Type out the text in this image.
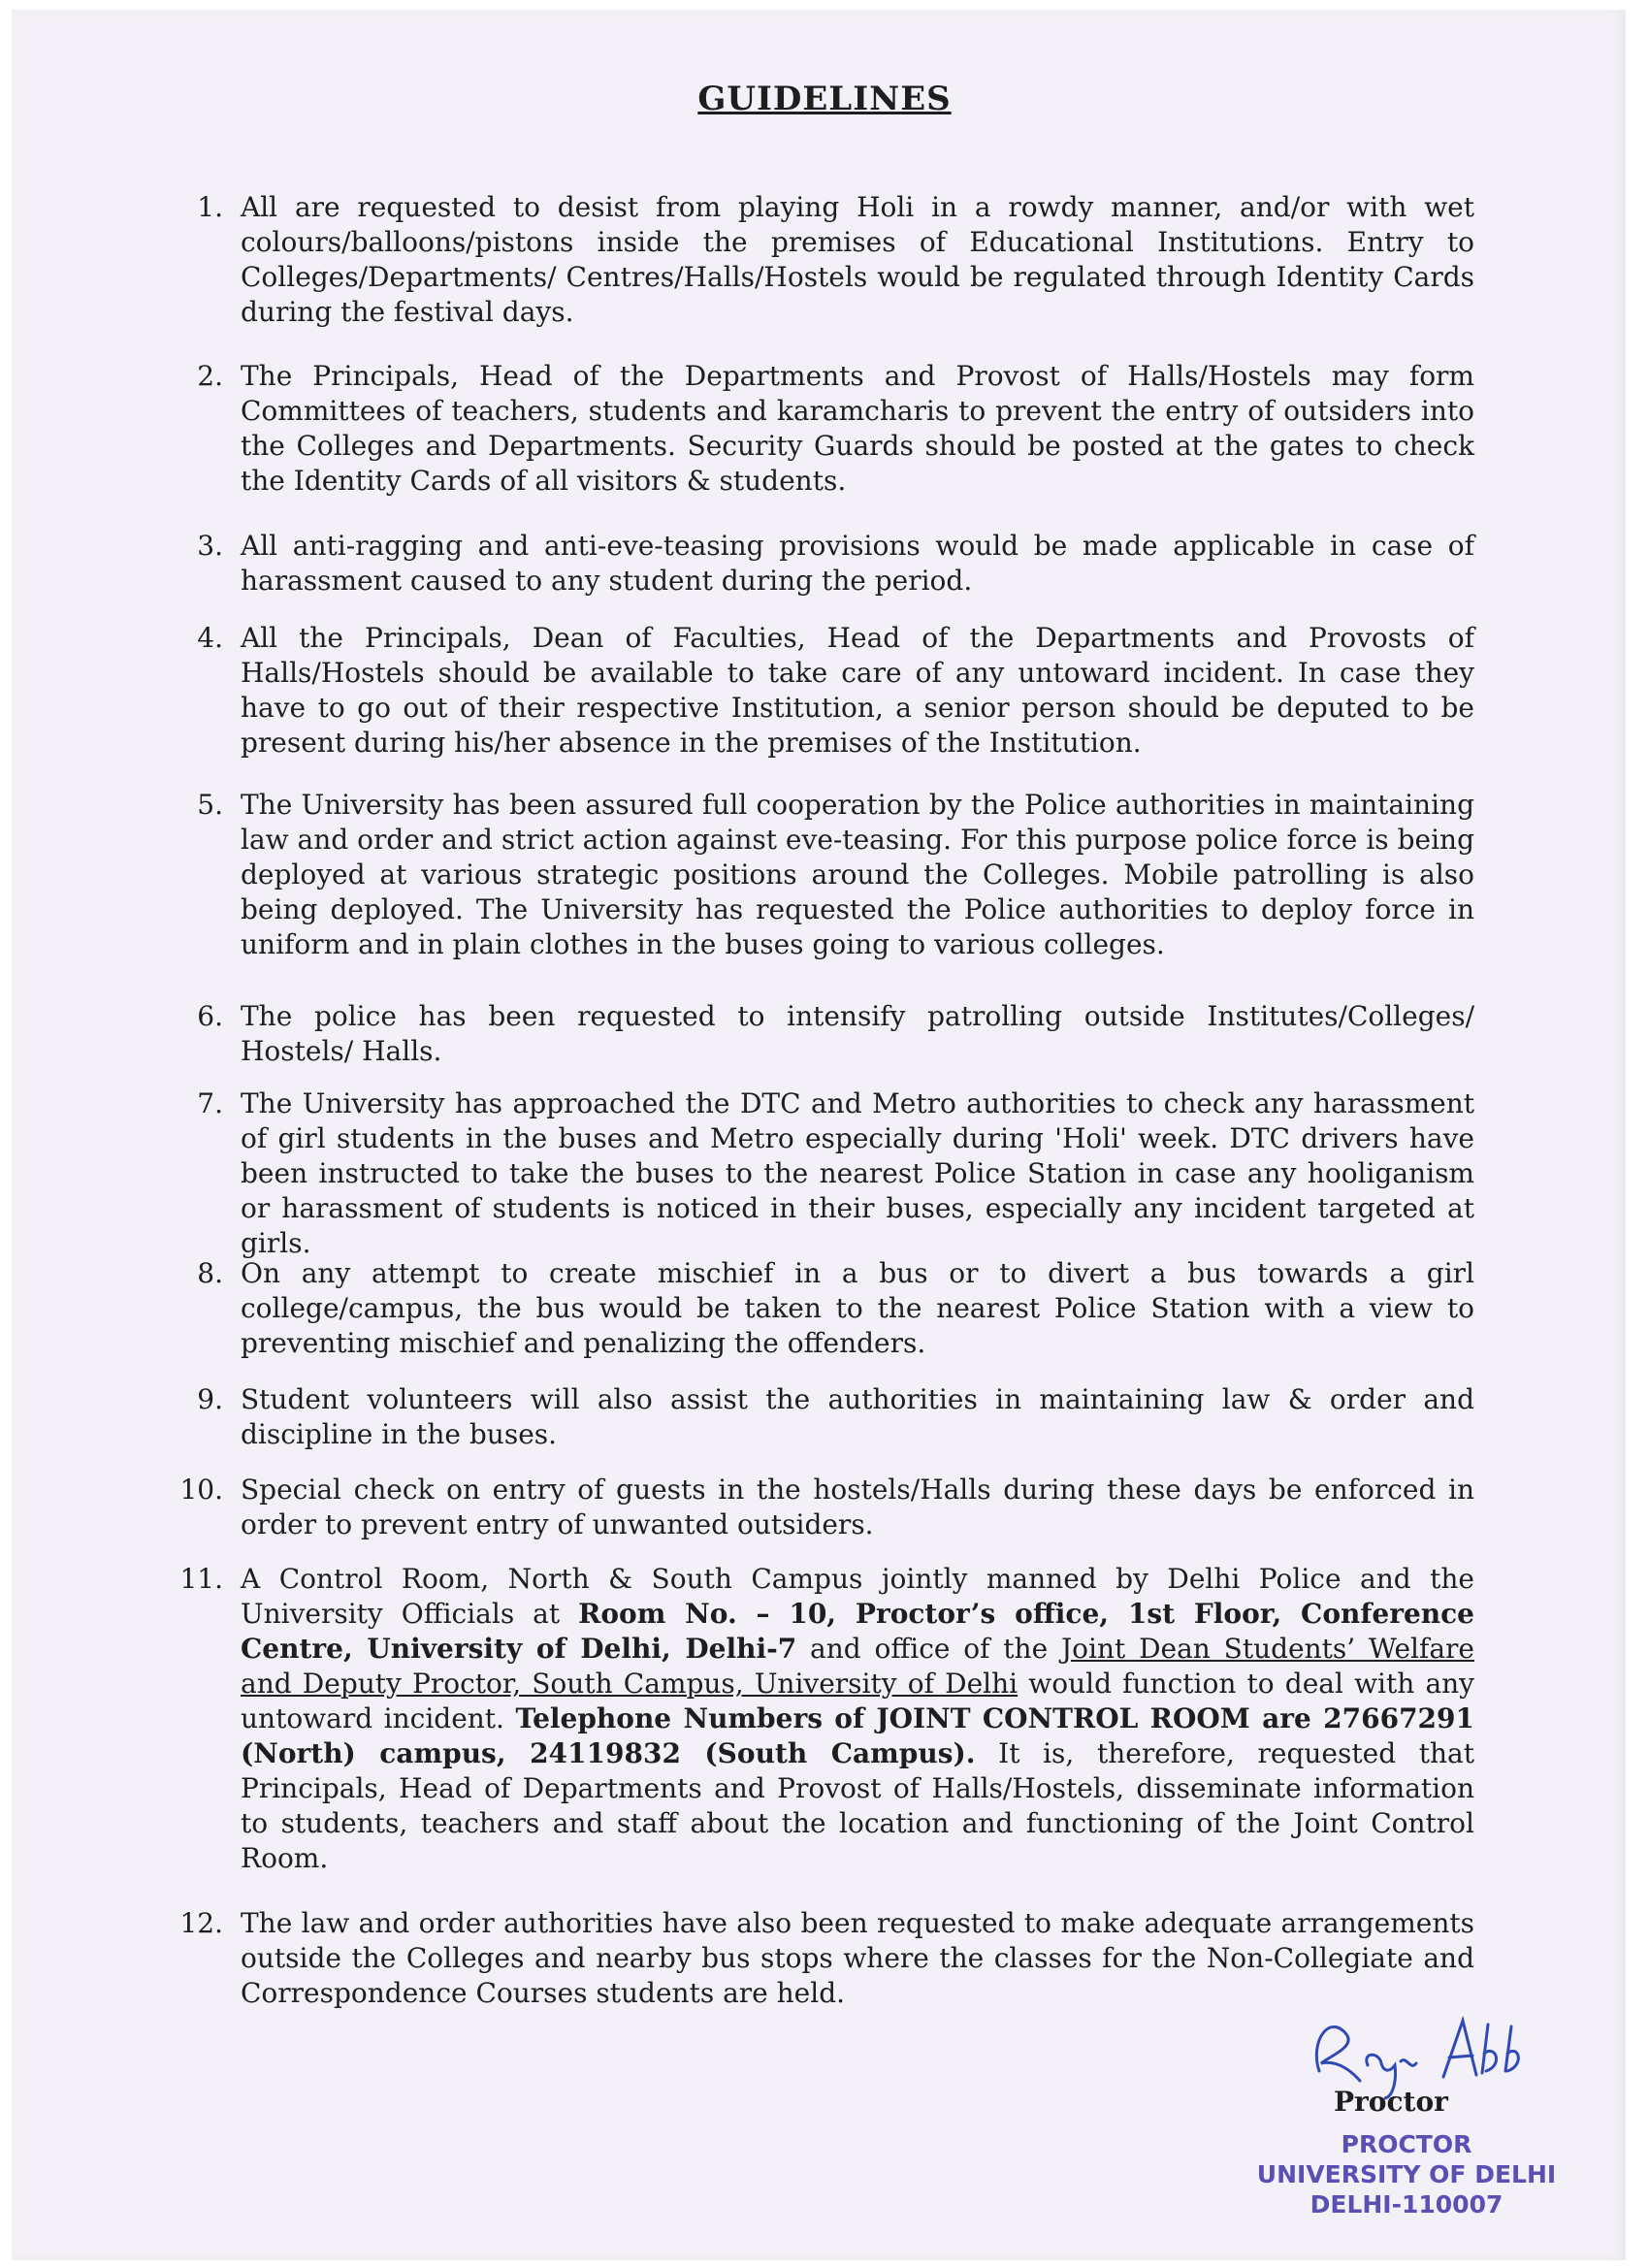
GUIDELINES
1. All are requested to desist from playing Holi in a rowdy manner, and/or with wet colours/balloons/pistons inside the premises of Educational Institutions. Entry to Colleges/Departments/ Centres/Halls/Hostels would be regulated through Identity Cards during the festival days.
2. The Principals, Head of the Departments and Provost of Halls/Hostels may form Committees of teachers, students and karamcharis to prevent the entry of outsiders into the Colleges and Departments. Security Guards should be posted at the gates to check the Identity Cards of all visitors & students.
3. All anti-ragging and anti-eve-teasing provisions would be made applicable in case of harassment caused to any student during the period.
4. All the Principals, Dean of Faculties, Head of the Departments and Provosts of Halls/Hostels should be available to take care of any untoward incident. In case they have to go out of their respective Institution, a senior person should be deputed to be present during his/her absence in the premises of the Institution.
5. The University has been assured full cooperation by the Police authorities in maintaining law and order and strict action against eve-teasing. For this purpose police force is being deployed at various strategic positions around the Colleges. Mobile patrolling is also being deployed. The University has requested the Police authorities to deploy force in uniform and in plain clothes in the buses going to various colleges.
6. The police has been requested to intensify patrolling outside Institutes/Colleges/ Hostels/ Halls.
7. The University has approached the DTC and Metro authorities to check any harassment of girl students in the buses and Metro especially during 'Holi' week. DTC drivers have been instructed to take the buses to the nearest Police Station in case any hooliganism or harassment of students is noticed in their buses, especially any incident targeted at girls.
8. On any attempt to create mischief in a bus or to divert a bus towards a girl college/campus, the bus would be taken to the nearest Police Station with a view to preventing mischief and penalizing the offenders.
9. Student volunteers will also assist the authorities in maintaining law & order and discipline in the buses.
10. Special check on entry of guests in the hostels/Halls during these days be enforced in order to prevent entry of unwanted outsiders.
11. A Control Room, North & South Campus jointly manned by Delhi Police and the University Officials at Room No. – 10, Proctor’s office, 1st Floor, Conference Centre, University of Delhi, Delhi-7 and office of the Joint Dean Students’ Welfare and Deputy Proctor, South Campus, University of Delhi would function to deal with any untoward incident. Telephone Numbers of JOINT CONTROL ROOM are 27667291 (North) campus, 24119832 (South Campus). It is, therefore, requested that Principals, Head of Departments and Provost of Halls/Hostels, disseminate information to students, teachers and staff about the location and functioning of the Joint Control Room.
12. The law and order authorities have also been requested to make adequate arrangements outside the Colleges and nearby bus stops where the classes for the Non-Collegiate and Correspondence Courses students are held.
Proctor
PROCTOR
UNIVERSITY OF DELHI
DELHI-110007
